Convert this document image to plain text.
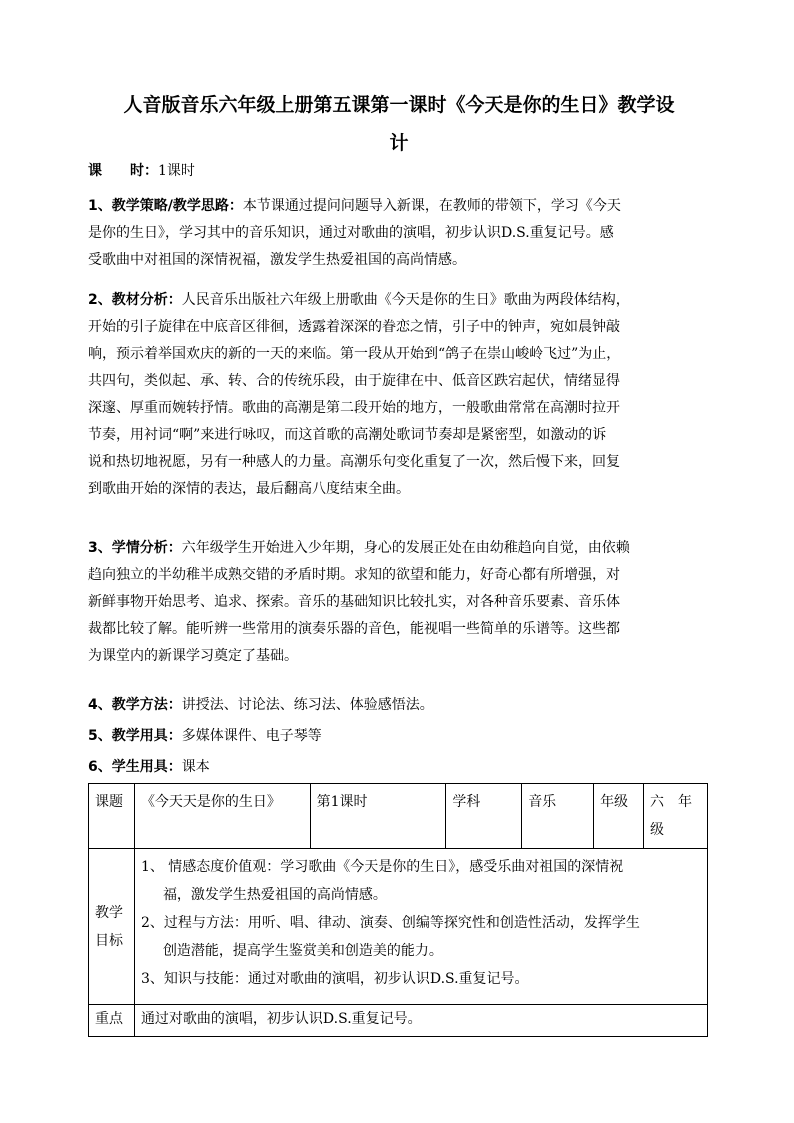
人音版音乐六年级上册第五课第一课时《今天是你的生日》教学设
计
课　　时：1课时
1、教学策略/教学思路：本节课通过提问问题导入新课，在教师的带领下，学习《今天
是你的生日》，学习其中的音乐知识，通过对歌曲的演唱，初步认识D.S.重复记号。感
受歌曲中对祖国的深情祝福，激发学生热爱祖国的高尚情感。
2、教材分析：人民音乐出版社六年级上册歌曲《今天是你的生日》歌曲为两段体结构，
开始的引子旋律在中底音区徘徊，透露着深深的眷恋之情，引子中的钟声，宛如晨钟敲
响，预示着举国欢庆的新的一天的来临。第一段从开始到“鸽子在崇山峻岭飞过”为止，
共四句，类似起、承、转、合的传统乐段，由于旋律在中、低音区跌宕起伏，情绪显得
深邃、厚重而婉转抒情。歌曲的高潮是第二段开始的地方，一般歌曲常常在高潮时拉开
节奏，用衬词“啊”来进行咏叹，而这首歌的高潮处歌词节奏却是紧密型，如激动的诉
说和热切地祝愿，另有一种感人的力量。高潮乐句变化重复了一次，然后慢下来，回复
到歌曲开始的深情的表达，最后翻高八度结束全曲。
3、学情分析：六年级学生开始进入少年期，身心的发展正处在由幼稚趋向自觉，由依赖
趋向独立的半幼稚半成熟交错的矛盾时期。求知的欲望和能力，好奇心都有所增强，对
新鲜事物开始思考、追求、探索。音乐的基础知识比较扎实，对各种音乐要素、音乐体
裁都比较了解。能听辨一些常用的演奏乐器的音色，能视唱一些简单的乐谱等。这些都
为课堂内的新课学习奠定了基础。
4、教学方法：讲授法、讨论法、练习法、体验感悟法。
5、教学用具：多媒体课件、电子琴等
6、学生用具：课本
课题	《今天天是你的生日》	第1课时	学科	音乐	年级	六　年
级

教学
目标	1、 情感态度价值观：学习歌曲《今天是你的生日》，感受乐曲对祖国的深情祝
福，激发学生热爱祖国的高尚情感。
2、过程与方法：用听、唱、律动、演奏、创编等探究性和创造性活动，发挥学生
创造潜能，提高学生鉴赏美和创造美的能力。
3、知识与技能：通过对歌曲的演唱，初步认识D.S.重复记号。					

重点	通过对歌曲的演唱，初步认识D.S.重复记号。					
